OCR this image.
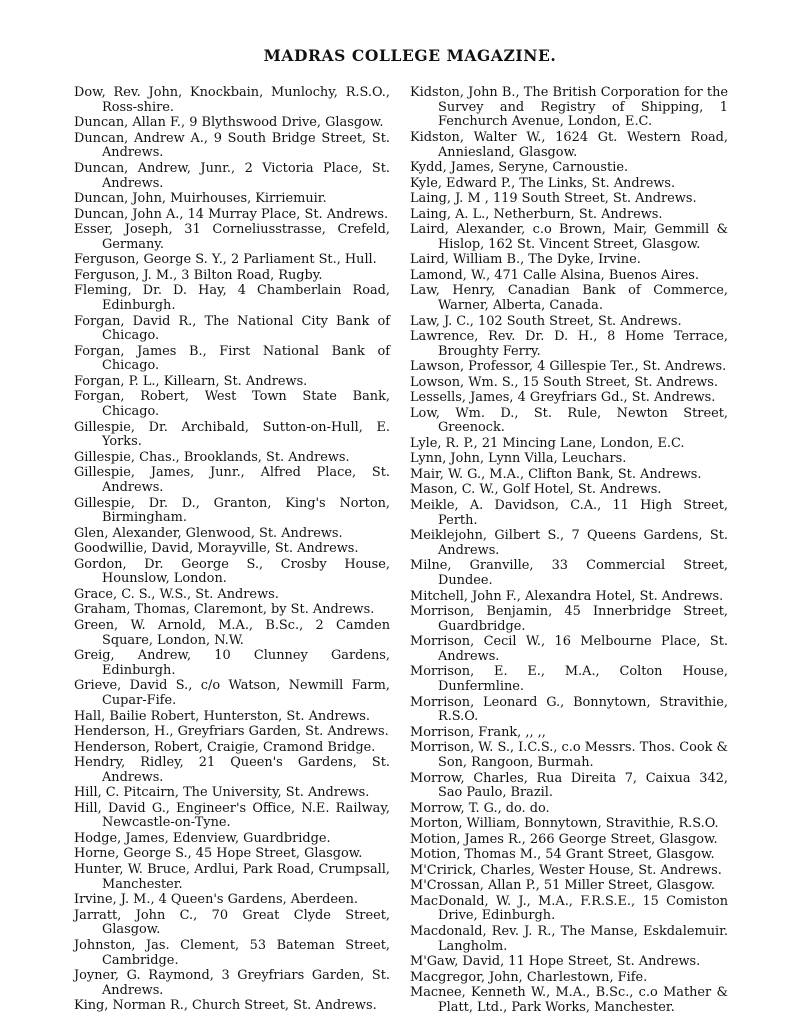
MADRAS COLLEGE MAGAZINE.

Dow, Rev. John, Knockbain, Munlochy, R.S.O., Ross-shire.

Duncan, Allan F., 9 Blythswood Drive, Glasgow.

Duncan, Andrew A., 9 South Bridge Street, St. Andrews.

Duncan, Andrew, Junr., 2 Victoria Place, St. Andrews.

Duncan, John, Muirhouses, Kirriemuir.

Duncan, John A., 14 Murray Place, St. Andrews.

Esser, Joseph, 31 Corneliusstrasse, Crefeld, Germany.

Ferguson, George S. Y., 2 Parliament St., Hull.

Ferguson, J. M., 3 Bilton Road, Rugby.

Fleming, Dr. D. Hay, 4 Chamberlain Road, Edinburgh.

Forgan, David R., The National City Bank of Chicago.

Forgan, James B., First National Bank of Chicago.

Forgan, P. L., Killearn, St. Andrews.

Forgan, Robert, West Town State Bank, Chicago.

Gillespie, Dr. Archibald, Sutton-on-Hull, E. Yorks.

Gillespie, Chas., Brooklands, St. Andrews.

Gillespie, James, Junr., Alfred Place, St. Andrews.

Gillespie, Dr. D., Granton, King's Norton, Birmingham.

Glen, Alexander, Glenwood, St. Andrews.

Goodwillie, David, Morayville, St. Andrews.

Gordon, Dr. George S., Crosby House, Hounslow, London.

Grace, C. S., W.S., St. Andrews.

Graham, Thomas, Claremont, by St. Andrews.

Green, W. Arnold, M.A., B.Sc., 2 Camden Square, London, N.W.

Greig, Andrew, 10 Clunney Gardens, Edinburgh.

Grieve, David S., c/o Watson, Newmill Farm, Cupar-Fife.

Hall, Bailie Robert, Hunterston, St. Andrews.

Henderson, H., Greyfriars Garden, St. Andrews.

Henderson, Robert, Craigie, Cramond Bridge.

Hendry, Ridley, 21 Queen's Gardens, St. Andrews.

Hill, C. Pitcairn, The University, St. Andrews.

Hill, David G., Engineer's Office, N.E. Railway, Newcastle-on-Tyne.

Hodge, James, Edenview, Guardbridge.

Horne, George S., 45 Hope Street, Glasgow.

Hunter, W. Bruce, Ardlui, Park Road, Crumpsall, Manchester.

Irvine, J. M., 4 Queen's Gardens, Aberdeen.

Jarratt, John C., 70 Great Clyde Street, Glasgow.

Johnston, Jas. Clement, 53 Bateman Street, Cambridge.

Joyner, G. Raymond, 3 Greyfriars Garden, St. Andrews.

King, Norman R., Church Street, St. Andrews.

Kidston, John B., The British Corporation for the Survey and Registry of Shipping, 1 Fenchurch Avenue, London, E.C.

Kidston, Walter W., 1624 Gt. Western Road, Anniesland, Glasgow.

Kydd, James, Seryne, Carnoustie.

Kyle, Edward P., The Links, St. Andrews.

Laing, J. M , 119 South Street, St. Andrews.

Laing, A. L., Netherburn, St. Andrews.

Laird, Alexander, c.o Brown, Mair, Gemmill & Hislop, 162 St. Vincent Street, Glasgow.

Laird, William B., The Dyke, Irvine.

Lamond, W., 471 Calle Alsina, Buenos Aires.

Law, Henry, Canadian Bank of Commerce, Warner, Alberta, Canada.

Law, J. C., 102 South Street, St. Andrews.

Lawrence, Rev. Dr. D. H., 8 Home Terrace, Broughty Ferry.

Lawson, Professor, 4 Gillespie Ter., St. Andrews.

Lowson, Wm. S., 15 South Street, St. Andrews.

Lessells, James, 4 Greyfriars Gd., St. Andrews.

Low, Wm. D., St. Rule, Newton Street, Greenock.

Lyle, R. P., 21 Mincing Lane, London, E.C.

Lynn, John, Lynn Villa, Leuchars.

Mair, W. G., M.A., Clifton Bank, St. Andrews.

Mason, C. W., Golf Hotel, St. Andrews.

Meikle, A. Davidson, C.A., 11 High Street, Perth.

Meiklejohn, Gilbert S., 7 Queens Gardens, St. Andrews.

Milne, Granville, 33 Commercial Street, Dundee.

Mitchell, John F., Alexandra Hotel, St. Andrews.

Morrison, Benjamin, 45 Innerbridge Street, Guardbridge.

Morrison, Cecil W., 16 Melbourne Place, St. Andrews.

Morrison, E. E., M.A., Colton House, Dunfermline.

Morrison, Leonard G., Bonnytown, Stravithie, R.S.O.

Morrison, Frank, ,, ,,

Morrison, W. S., I.C.S., c.o Messrs. Thos. Cook & Son, Rangoon, Burmah.

Morrow, Charles, Rua Direita 7, Caixua 342, Sao Paulo, Brazil.

Morrow, T. G., do. do.

Morton, William, Bonnytown, Stravithie, R.S.O.

Motion, James R., 266 George Street, Glasgow.

Motion, Thomas M., 54 Grant Street, Glasgow.

M'Cririck, Charles, Wester House, St. Andrews.

M'Crossan, Allan P., 51 Miller Street, Glasgow.

MacDonald, W. J., M.A., F.R.S.E., 15 Comiston Drive, Edinburgh.

Macdonald, Rev. J. R., The Manse, Eskdalemuir. Langholm.

M'Gaw, David, 11 Hope Street, St. Andrews.

Macgregor, John, Charlestown, Fife.

Macnee, Kenneth W., M.A., B.Sc., c.o Mather & Platt, Ltd., Park Works, Manchester.
